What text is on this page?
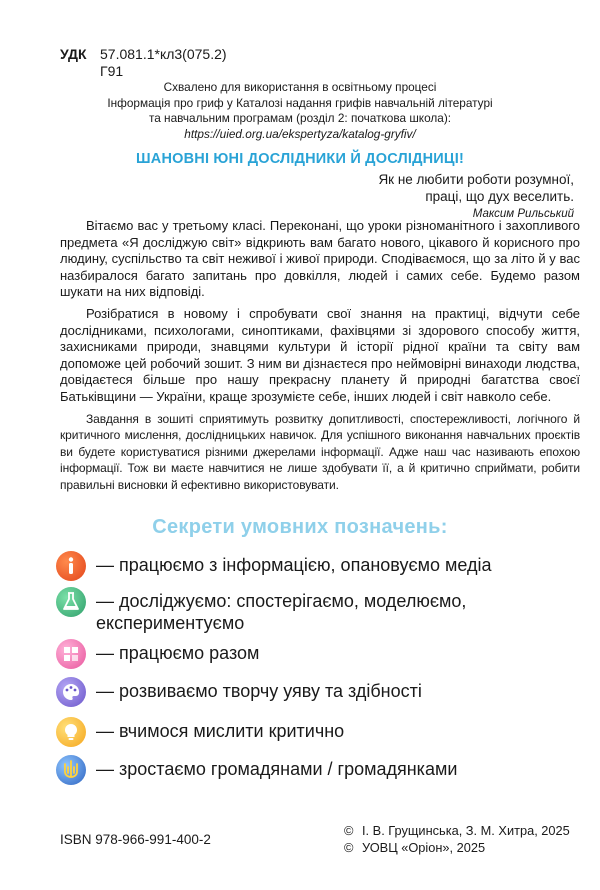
УДК 57.081.1*кл3(075.2)
Г91
Схвалено для використання в освітньому процесі
Інформація про гриф у Каталозі надання грифів навчальній літературі
та навчальним програмам (розділ 2: початкова школа):
https://uied.org.ua/ekspertyza/katalog-gryfiv/
ШАНОВНІ ЮНІ ДОСЛІДНИКИ Й ДОСЛІДНИЦІ!
Як не любити роботи розумної,
праці, що дух веселить.
Максим Рильський

Вітаємо вас у третьому класі. Переконані, що уроки різноманітного і захопливого предмета «Я досліджую світ» відкриють вам багато нового, цікавого й корисного про людину, суспільство та світ неживої і живої природи. Сподіваємося, що за літо й у вас назбиралося багато запитань про довкілля, людей і самих себе. Будемо разом шукати на них відповіді.

Розібратися в новому і спробувати свої знання на практиці, відчути себе дослідниками, психологами, синоптиками, фахівцями зі здорового способу життя, захисниками природи, знавцями культури й історії рідної країни та світу вам допоможе цей робочий зошит. З ним ви дізнаєтеся про неймовірні винаходи людства, довідаєтеся більше про нашу прекрасну планету й природні багатства своєї Батьківщини — України, краще зрозумієте себе, інших людей і світ навколо себе.

Завдання в зошиті сприятимуть розвитку допитливості, спостережливості, логічного й критичного мислення, дослідницьких навичок. Для успішного виконання навчальних проєктів ви будете користуватися різними джерелами інформації. Адже наш час називають епохою інформації. Тож ви маєте навчитися не лише здобувати її, а й критично сприймати, робити правильні висновки й ефективно використовувати.

Секрети умовних позначень:
— працюємо з інформацією, опановуємо медіа
— досліджуємо: спостерігаємо, моделюємо, експериментуємо
— працюємо разом
— розвиваємо творчу уяву та здібності
— вчимося мислити критично
— зростаємо громадянами / громадянками
ISBN 978-966-991-400-2
© І. В. Грущинська, З. М. Хитра, 2025
© УОВЦ «Оріон», 2025
